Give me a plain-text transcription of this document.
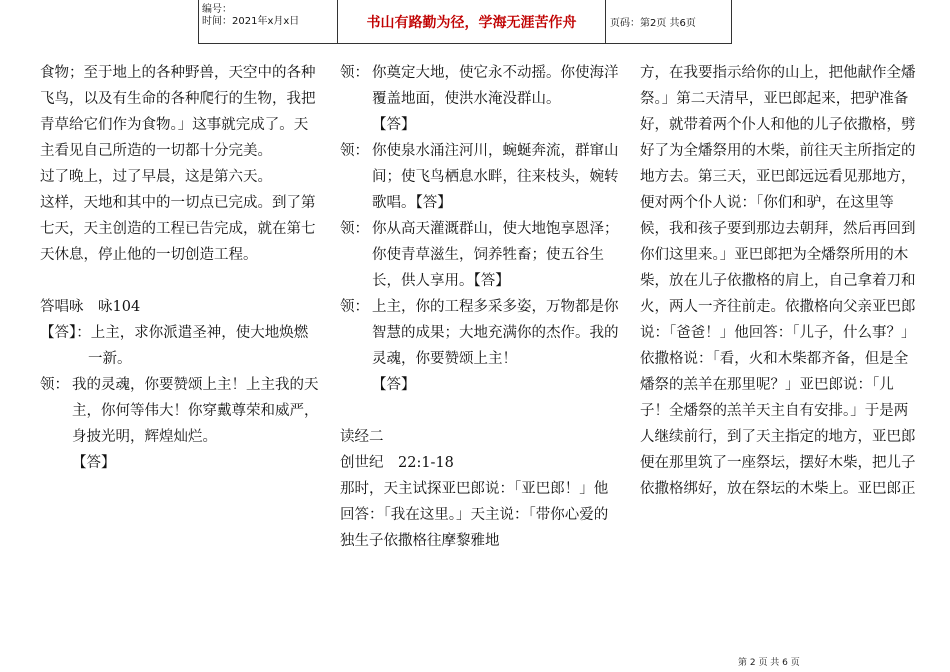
编号：
时间：2021年x月x日	书山有路勤为径，学海无涯苦作舟	页码：第2页 共6页

食物；至于地上的各种野兽，天空中的各种飞鸟，以及有生命的各种爬行的生物，我把青草给它们作为食物。」这事就完成了。天主看见自己所造的一切都十分完美。

过了晚上，过了早晨，这是第六天。

这样，天地和其中的一切点已完成。到了第七天，天主创造的工程已告完成，就在第七天休息，停止他的一切创造工程。

答唱咏　咏104

【答】：上主，求你派遣圣神，使大地焕燃一新。

领： 我的灵魂，你要赞颂上主！上主我的天主，你何等伟大！你穿戴尊荣和威严，身披光明，辉煌灿烂。

【答】

领： 你奠定大地，使它永不动摇。你使海洋覆盖地面，使洪水淹没群山。

【答】

领： 你使泉水涌注河川，蜿蜒奔流，群窜山间；使飞鸟栖息水畔，往来枝头，婉转歌唱。【答】

领： 你从高天灌溉群山，使大地饱享恩泽；你使青草滋生，饲养牲畜；使五谷生长，供人享用。【答】

领： 上主，你的工程多采多姿，万物都是你智慧的成果；大地充满你的杰作。我的灵魂，你要赞颂上主！

【答】

读经二

创世纪　22:1-18

那时，天主试探亚巴郎说：「亚巴郎！」他回答：「我在这里。」天主说：「带你心爱的独生子依撒格往摩黎雅地

方，在我要指示给你的山上，把他献作全燔祭。」第二天清早，亚巴郎起来，把驴准备好，就带着两个仆人和他的儿子依撒格，劈好了为全燔祭用的木柴，前往天主所指定的地方去。第三天，亚巴郎远远看见那地方，便对两个仆人说：「你们和驴，在这里等候，我和孩子要到那边去朝拜，然后再回到你们这里来。」亚巴郎把为全燔祭所用的木柴，放在儿子依撒格的肩上，自己拿着刀和火，两人一齐往前走。依撒格向父亲亚巴郎说：「爸爸！」他回答：「儿子，什么事？」依撒格说：「看，火和木柴都齐备，但是全燔祭的羔羊在那里呢？」亚巴郎说：「儿子！全燔祭的羔羊天主自有安排。」于是两人继续前行，到了天主指定的地方，亚巴郎便在那里筑了一座祭坛，摆好木柴，把儿子依撒格绑好，放在祭坛的木柴上。亚巴郎正

第 2 页 共 6 页
